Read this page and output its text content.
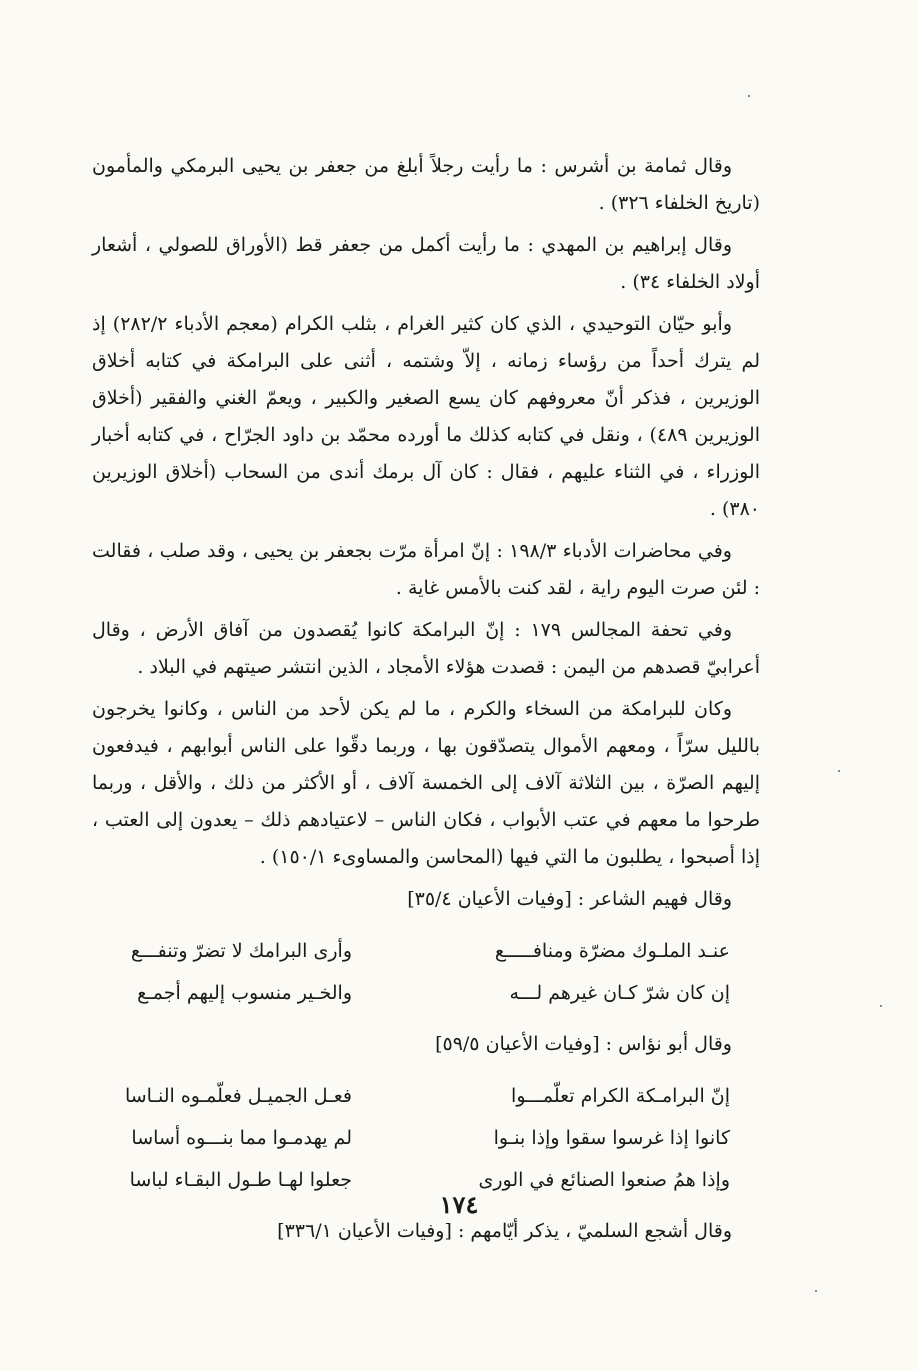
وقال ثمامة بن أشرس : ما رأيت رجلاً أبلغ من جعفر بن يحيى البرمكي والمأمون (تاريخ الخلفاء ٣٢٦) .

وقال إبراهيم بن المهدي : ما رأيت أكمل من جعفر قط (الأوراق للصولي ، أشعار أولاد الخلفاء ٣٤) .

وأبو حيّان التوحيدي ، الذي كان كثير الغرام ، بثلب الكرام (معجم الأدباء ٢٨٢/٢) إذ لم يترك أحداً من رؤساء زمانه ، إلاّ وشتمه ، أثنى على البرامكة في كتابه أخلاق الوزيرين ، فذكر أنّ معروفهم كان يسع الصغير والكبير ، ويعمّ الغني والفقير (أخلاق الوزيرين ٤٨٩) ، ونقل في كتابه كذلك ما أورده محمّد بن داود الجرّاح ، في كتابه أخبار الوزراء ، في الثناء عليهم ، فقال : كان آل برمك أندى من السحاب (أخلاق الوزيرين ٣٨٠) .

وفي محاضرات الأدباء ١٩٨/٣ : إنّ امرأة مرّت بجعفر بن يحيى ، وقد صلب ، فقالت : لئن صرت اليوم راية ، لقد كنت بالأمس غاية .

وفي تحفة المجالس ١٧٩ : إنّ البرامكة كانوا يُقصدون من آفاق الأرض ، وقال أعرابيّ قصدهم من اليمن : قصدت هؤلاء الأمجاد ، الذين انتشر صيتهم في البلاد .

وكان للبرامكة من السخاء والكرم ، ما لم يكن لأحد من الناس ، وكانوا يخرجون بالليل سرّاً ، ومعهم الأموال يتصدّقون بها ، وربما دقّوا على الناس أبوابهم ، فيدفعون إليهم الصرّة ، بين الثلاثة آلاف إلى الخمسة آلاف ، أو الأكثر من ذلك ، والأقل ، وربما طرحوا ما معهم في عتب الأبواب ، فكان الناس – لاعتيادهم ذلك – يعدون إلى العتب ، إذا أصبحوا ، يطلبون ما التي فيها (المحاسن والمساوىء ١٥٠/١) .

وقال فهيم الشاعر : [وفيات الأعيان ٣٥/٤]

عنـد الملـوك مضرّة ومنافـــــع
وأرى البرامك لا تضرّ وتنفـــع
إن كان شرّ كـان غيرهم لـــه
والخـير منسوب إليهم أجمـع

وقال أبو نؤاس : [وفيات الأعيان ٥٩/٥]

إنّ البرامـكة الكرام تعلّمـــوا
فعـل الجميـل فعلّمـوه النـاسا
كانوا إذا غرسوا سقوا وإذا بنـوا
لم يهدمـوا مما بنـــوه أساسا
وإذا همُ صنعوا الصنائع في الورى
جعلوا لهـا طـول البقـاء لباسا

وقال أشجع السلميّ ، يذكر أيّامهم : [وفيات الأعيان ٣٣٦/١]

١٧٤
